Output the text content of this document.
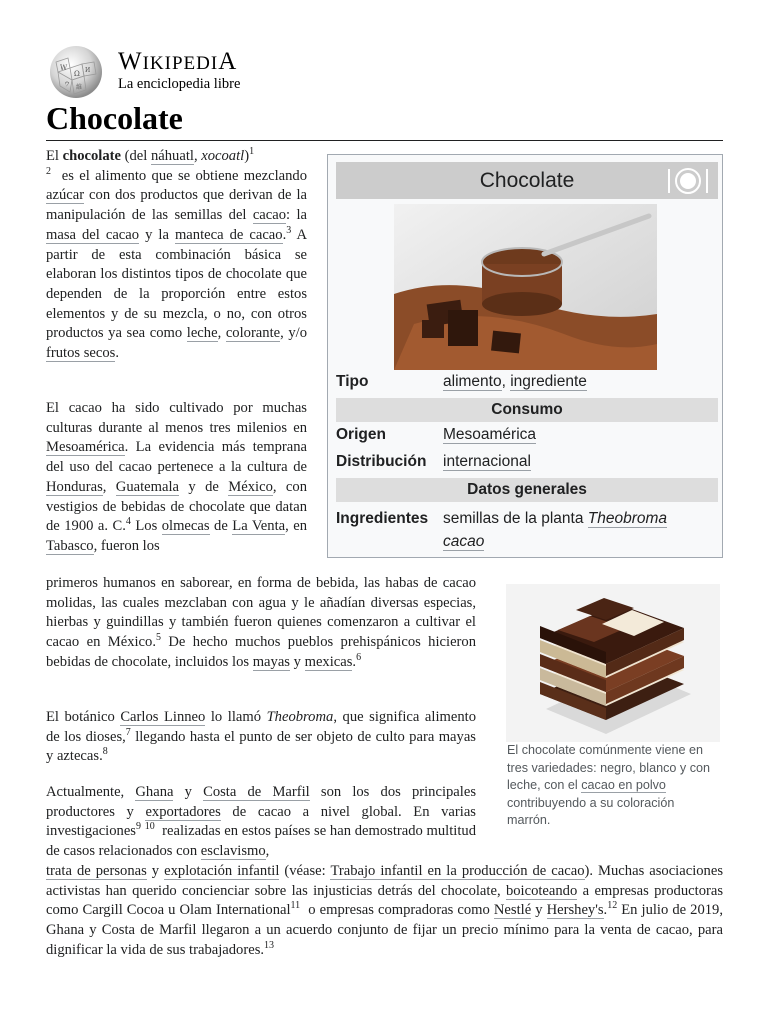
W
Ω И
ウ 維
WIKIPEDIA
La enciclopedia libre
Chocolate

El chocolate (del náhuatl, xocoatl)$^1$
$^2$  es el alimento que se obtiene mezclando azúcar con dos productos que derivan de la manipulación de las semillas del cacao: la masa del cacao y la manteca de cacao.$^3$ A partir de esta combinación básica se elaboran los distintos tipos de chocolate que dependen de la proporción entre estos elementos y de su mezcla, o no, con otros productos ya sea como leche, colorante, y/o frutos secos.

El cacao ha sido cultivado por muchas culturas durante al menos tres milenios en Mesoamérica. La evidencia más temprana del uso del cacao pertenece a la cultura de Honduras, Guatemala y de México, con vestigios de bebidas de chocolate que datan de 1900 a. C.$^4$ Los olmecas de La Venta, en Tabasco, fueron los

primeros humanos en saborear, en forma de bebida, las habas de cacao molidas, las cuales mezclaban con agua y le añadían diversas especias, hierbas y guindillas y también fueron quienes comenzaron a cultivar el cacao en México.$^5$ De hecho muchos pueblos prehispánicos hicieron bebidas de chocolate, incluidos los mayas y mexicas.$^6$

El botánico Carlos Linneo lo llamó Theobroma, que significa alimento de los dioses,$^7$ llegando hasta el punto de ser objeto de culto para mayas y aztecas.$^8$

Actualmente, Ghana y Costa de Marfil son los dos principales productores y exportadores de cacao a nivel global. En varias investigaciones$^9$ $^{10}$  realizadas en estos países se han demostrado multitud de casos relacionados con esclavismo,

trata de personas y explotación infantil (véase: Trabajo infantil en la producción de cacao). Muchas asociaciones activistas han querido concienciar sobre las injusticias detrás del chocolate, boicoteando a empresas productoras como Cargill Cocoa u Olam International$^{11}$  o empresas compradoras como Nestlé y Hershey's.$^{12}$ En julio de 2019, Ghana y Costa de Marfil llegaron a un acuerdo conjunto de fijar un precio mínimo para la venta de cacao, para dignificar la vida de sus trabajadores.$^{13}$

Chocolate
Tipo	alimento, ingrediente
Consumo
Origen	Mesoamérica
Distribución internacional
Datos generales
Ingredientes semillas de la planta Theobroma
cacao

El chocolate comúnmente viene en
tres variedades: negro, blanco y con
leche, con el cacao en polvo
contribuyendo a su coloración
marrón.
